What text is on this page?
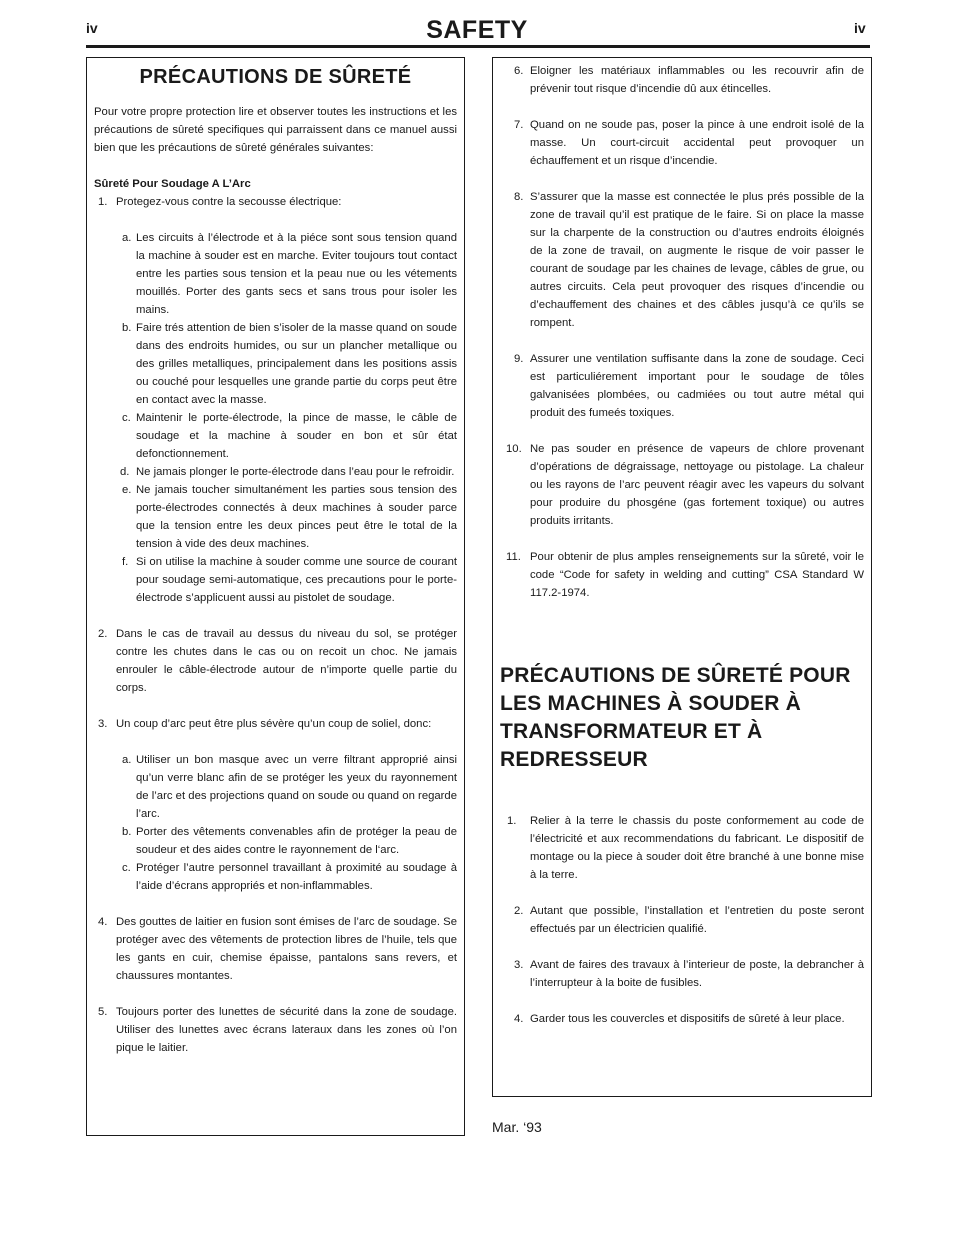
iv	SAFETY	iv
PRÉCAUTIONS DE SÛRETÉ

Pour votre propre protection lire et observer toutes les instructions et les précautions de sûreté specifiques qui parraissent dans ce manuel aussi bien que les précautions de sûreté générales suivantes:

Sûreté Pour Soudage A L’Arc
1. Protegez-vous contre la secousse électrique:
a. Les circuits à l’électrode et à la piéce sont sous tension quand la machine à souder est en marche. Eviter toujours tout contact entre les parties sous tension et la peau nue ou les vétements mouillés. Porter des gants secs et sans trous pour isoler les mains.
b. Faire trés attention de bien s’isoler de la masse quand on soude dans des endroits humides, ou sur un plancher metallique ou des grilles metalliques, principalement dans les positions assis ou couché pour lesquelles une grande partie du corps peut être en contact avec la masse.
c. Maintenir le porte-électrode, la pince de masse, le câble de soudage et la machine à souder en bon et sûr état defonctionnement.
d. Ne jamais plonger le porte-électrode dans l’eau pour le refroidir.
e. Ne jamais toucher simultanément les parties sous tension des porte-électrodes connectés à deux machines à souder parce que la tension entre les deux pinces peut être le total de la tension à vide des deux machines.
f. Si on utilise la machine à souder comme une source de courant pour soudage semi-automatique, ces precautions pour le porte-électrode s’applicuent aussi au pistolet de soudage.
2. Dans le cas de travail au dessus du niveau du sol, se protéger contre les chutes dans le cas ou on recoit un choc. Ne jamais enrouler le câble-électrode autour de n’importe quelle partie du corps.
3. Un coup d’arc peut être plus sévère qu’un coup de soliel, donc:
a. Utiliser un bon masque avec un verre filtrant approprié ainsi qu’un verre blanc afin de se protéger les yeux du rayonnement de l’arc et des projections quand on soude ou quand on regarde l’arc.
b. Porter des vêtements convenables afin de protéger la peau de soudeur et des aides contre le rayonnement de l‘arc.
c. Protéger l’autre personnel travaillant à proximité au soudage à l’aide d’écrans appropriés et non-inflammables.
4. Des gouttes de laitier en fusion sont émises de l’arc de soudage. Se protéger avec des vêtements de protection libres de l’huile, tels que les gants en cuir, chemise épaisse, pantalons sans revers, et chaussures montantes.
5. Toujours porter des lunettes de sécurité dans la zone de soudage. Utiliser des lunettes avec écrans lateraux dans les zones où l’on pique le laitier.
6. Eloigner les matériaux inflammables ou les recouvrir afin de prévenir tout risque d’incendie dû aux étincelles.
7. Quand on ne soude pas, poser la pince à une endroit isolé de la masse. Un court-circuit accidental peut provoquer un échauffement et un risque d’incendie.
8. S’assurer que la masse est connectée le plus prés possible de la zone de travail qu’il est pratique de le faire. Si on place la masse sur la charpente de la construction ou d’autres endroits éloignés de la zone de travail, on augmente le risque de voir passer le courant de soudage par les chaines de levage, câbles de grue, ou autres circuits. Cela peut provoquer des risques d’incendie ou d’echauffement des chaines et des câbles jusqu’à ce qu’ils se rompent.
9. Assurer une ventilation suffisante dans la zone de soudage. Ceci est particuliérement important pour le soudage de tôles galvanisées plombées, ou cadmiées ou tout autre métal qui produit des fumeés toxiques.
10. Ne pas souder en présence de vapeurs de chlore provenant d’opérations de dégraissage, nettoyage ou pistolage. La chaleur ou les rayons de l’arc peuvent réagir avec les vapeurs du solvant pour produire du phosgéne (gas fortement toxique) ou autres produits irritants.
11. Pour obtenir de plus amples renseignements sur la sûreté, voir le code “Code for safety in welding and cutting” CSA Standard W 117.2-1974.
PRÉCAUTIONS DE SÛRETÉ POUR LES MACHINES À SOUDER À TRANSFORMATEUR ET À REDRESSEUR
1. Relier à la terre le chassis du poste conformement au code de l’électricité et aux recommendations du fabricant. Le dispositif de montage ou la piece à souder doit être branché à une bonne mise à la terre.
2. Autant que possible, l’installation et l’entretien du poste seront effectués par un électricien qualifié.
3. Avant de faires des travaux à l’interieur de poste, la debrancher à l’interrupteur à la boite de fusibles.
4. Garder tous les couvercles et dispositifs de sûreté à leur place.
Mar. ‘93
